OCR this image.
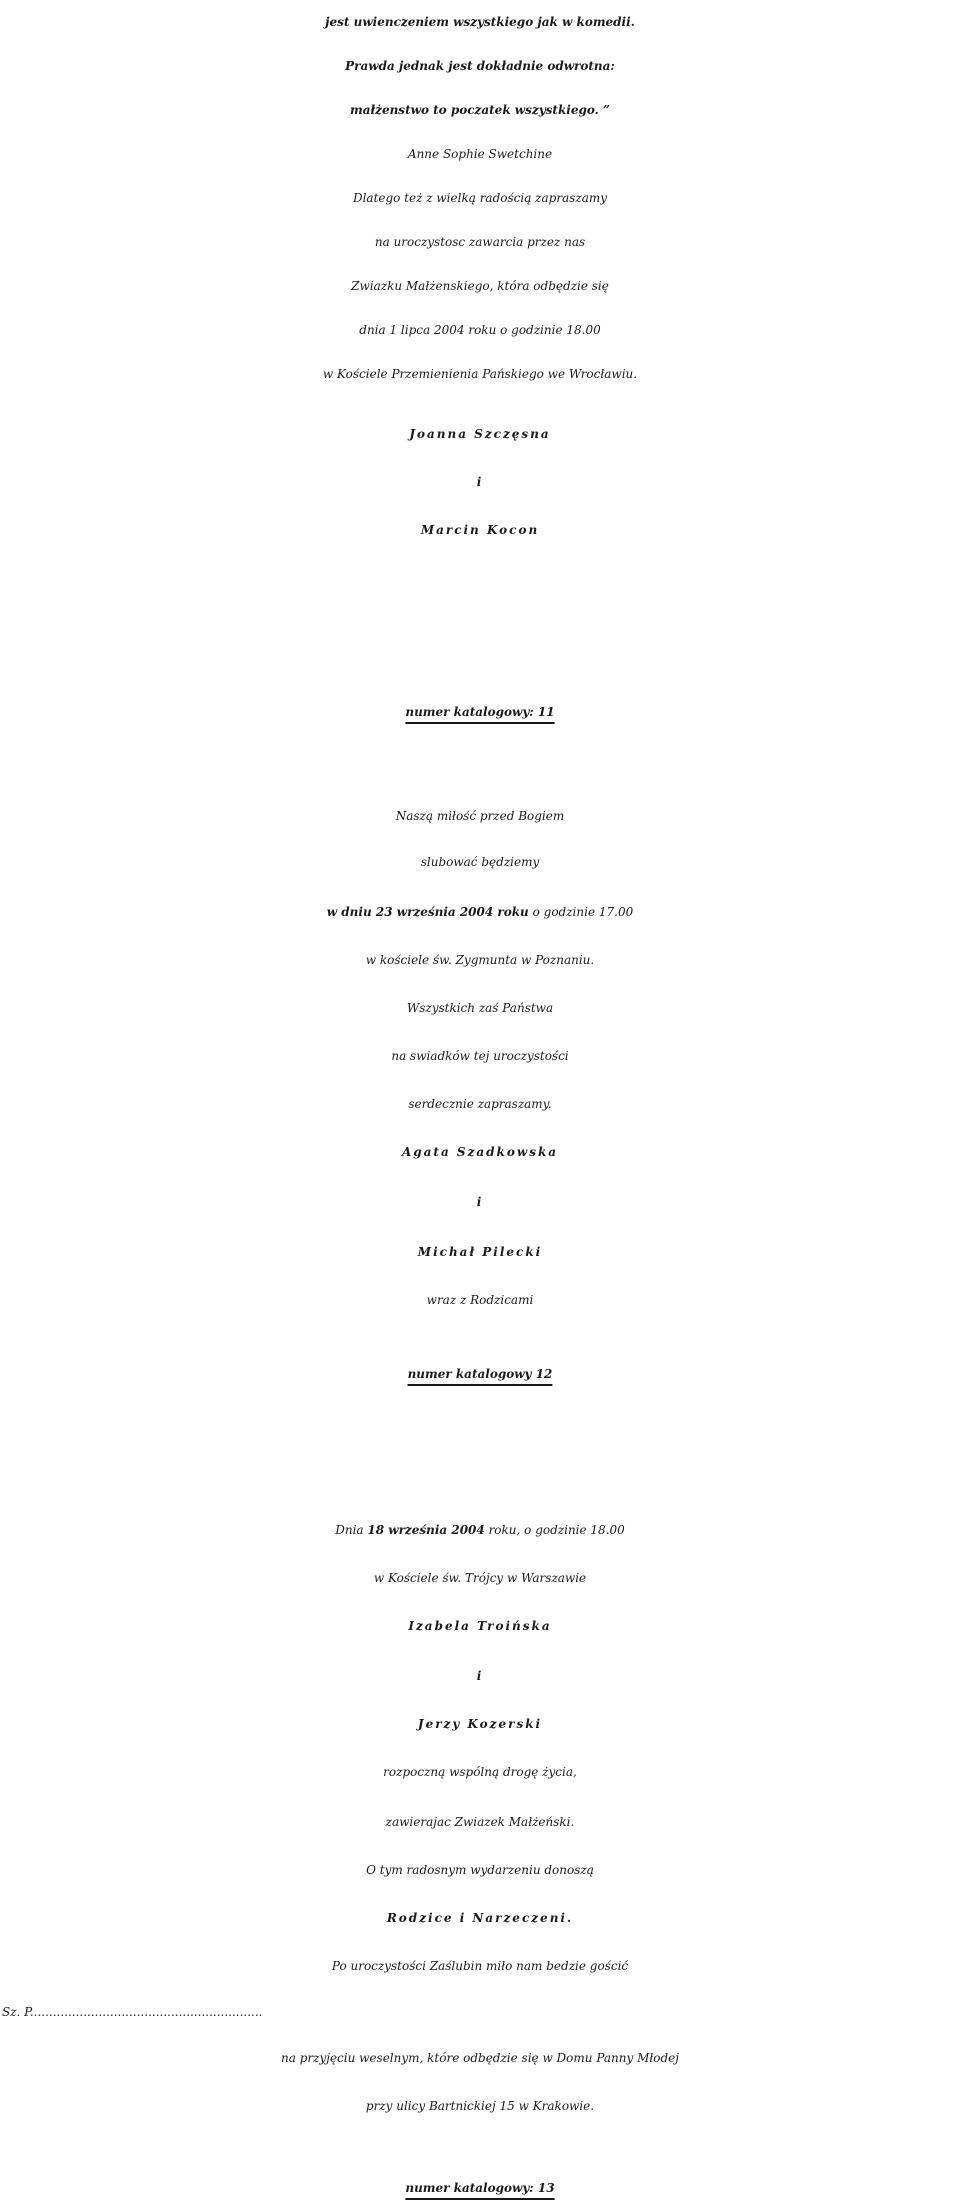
jest uwienczeniem wszystkiego jak w komedii.
Prawda jednak jest dokładnie odwrotna:
małżenstwo to poczatek wszystkiego. ”
Anne Sophie Swetchine
Dlatego też z wielką radością zapraszamy
na uroczystosc zawarcia przez nas
Zwiazku Małżenskiego, która odbędzie się
dnia 1 lipca 2004 roku o godzinie 18.00
w Kościele Przemienienia Pańskiego we Wrocławiu.
Joanna Szczęsna
i
Marcin Kocon
numer katalogowy: 11
Naszą miłość przed Bogiem
slubować będziemy
w dniu 23 września 2004 roku o godzinie 17.00
w kościele św. Zygmunta w Poznaniu.
Wszystkich zaś Państwa
na swiadków tej uroczystości
serdecznie zapraszamy.
Agata Szadkowska
i
Michał Pilecki
wraz z Rodzicami
numer katalogowy 12
Dnia 18 września 2004 roku, o godzinie 18.00
w Kościele św. Trójcy w Warszawie
Izabela Troińska
i
Jerzy Kozerski
rozpoczną wspólną drogę życia,
zawierajac Zwiazek Małżeński.
O tym radosnym wydarzeniu donoszą
Rodzice i Narzeczeni.
Po uroczystości Zaślubin miło nam bedzie gościć
Sz. P.............................................................
na przyjęciu weselnym, które odbędzie się w Domu Panny Młodej
przy ulicy Bartnickiej 15 w Krakowie.
numer katalogowy: 13
